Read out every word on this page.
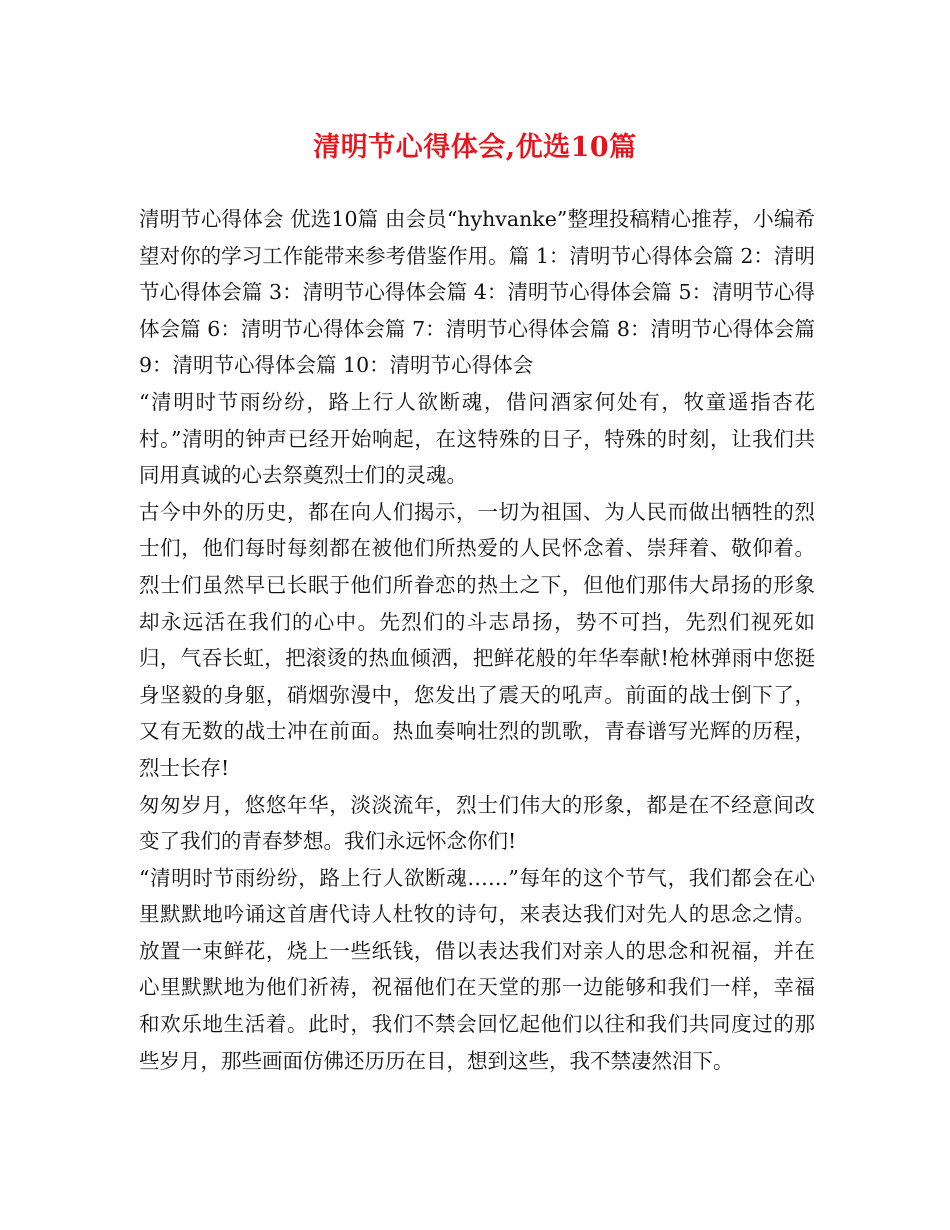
清明节心得体会,优选10篇

清明节心得体会 优选10篇 由会员“hyhvanke”整理投稿精心推荐，小编希望对你的学习工作能带来参考借鉴作用。篇 1：清明节心得体会篇 2：清明节心得体会篇 3：清明节心得体会篇 4：清明节心得体会篇 5：清明节心得体会篇 6：清明节心得体会篇 7：清明节心得体会篇 8：清明节心得体会篇 9：清明节心得体会篇 10：清明节心得体会

“清明时节雨纷纷，路上行人欲断魂，借问酒家何处有，牧童遥指杏花村。”清明的钟声已经开始响起，在这特殊的日子，特殊的时刻，让我们共同用真诚的心去祭奠烈士们的灵魂。

古今中外的历史，都在向人们揭示，一切为祖国、为人民而做出牺牲的烈士们，他们每时每刻都在被他们所热爱的人民怀念着、崇拜着、敬仰着。烈士们虽然早已长眠于他们所眷恋的热土之下，但他们那伟大昂扬的形象却永远活在我们的心中。先烈们的斗志昂扬，势不可挡，先烈们视死如归，气吞长虹，把滚烫的热血倾洒，把鲜花般的年华奉献!枪林弹雨中您挺身坚毅的身躯，硝烟弥漫中，您发出了震天的吼声。前面的战士倒下了，又有无数的战士冲在前面。热血奏响壮烈的凯歌，青春谱写光辉的历程，烈士长存!

匆匆岁月，悠悠年华，淡淡流年，烈士们伟大的形象，都是在不经意间改变了我们的青春梦想。我们永远怀念你们!

“清明时节雨纷纷，路上行人欲断魂……”每年的这个节气，我们都会在心里默默地吟诵这首唐代诗人杜牧的诗句，来表达我们对先人的思念之情。放置一束鲜花，烧上一些纸钱，借以表达我们对亲人的思念和祝福，并在心里默默地为他们祈祷，祝福他们在天堂的那一边能够和我们一样，幸福和欢乐地生活着。此时，我们不禁会回忆起他们以往和我们共同度过的那些岁月，那些画面仿佛还历历在目，想到这些，我不禁凄然泪下。
